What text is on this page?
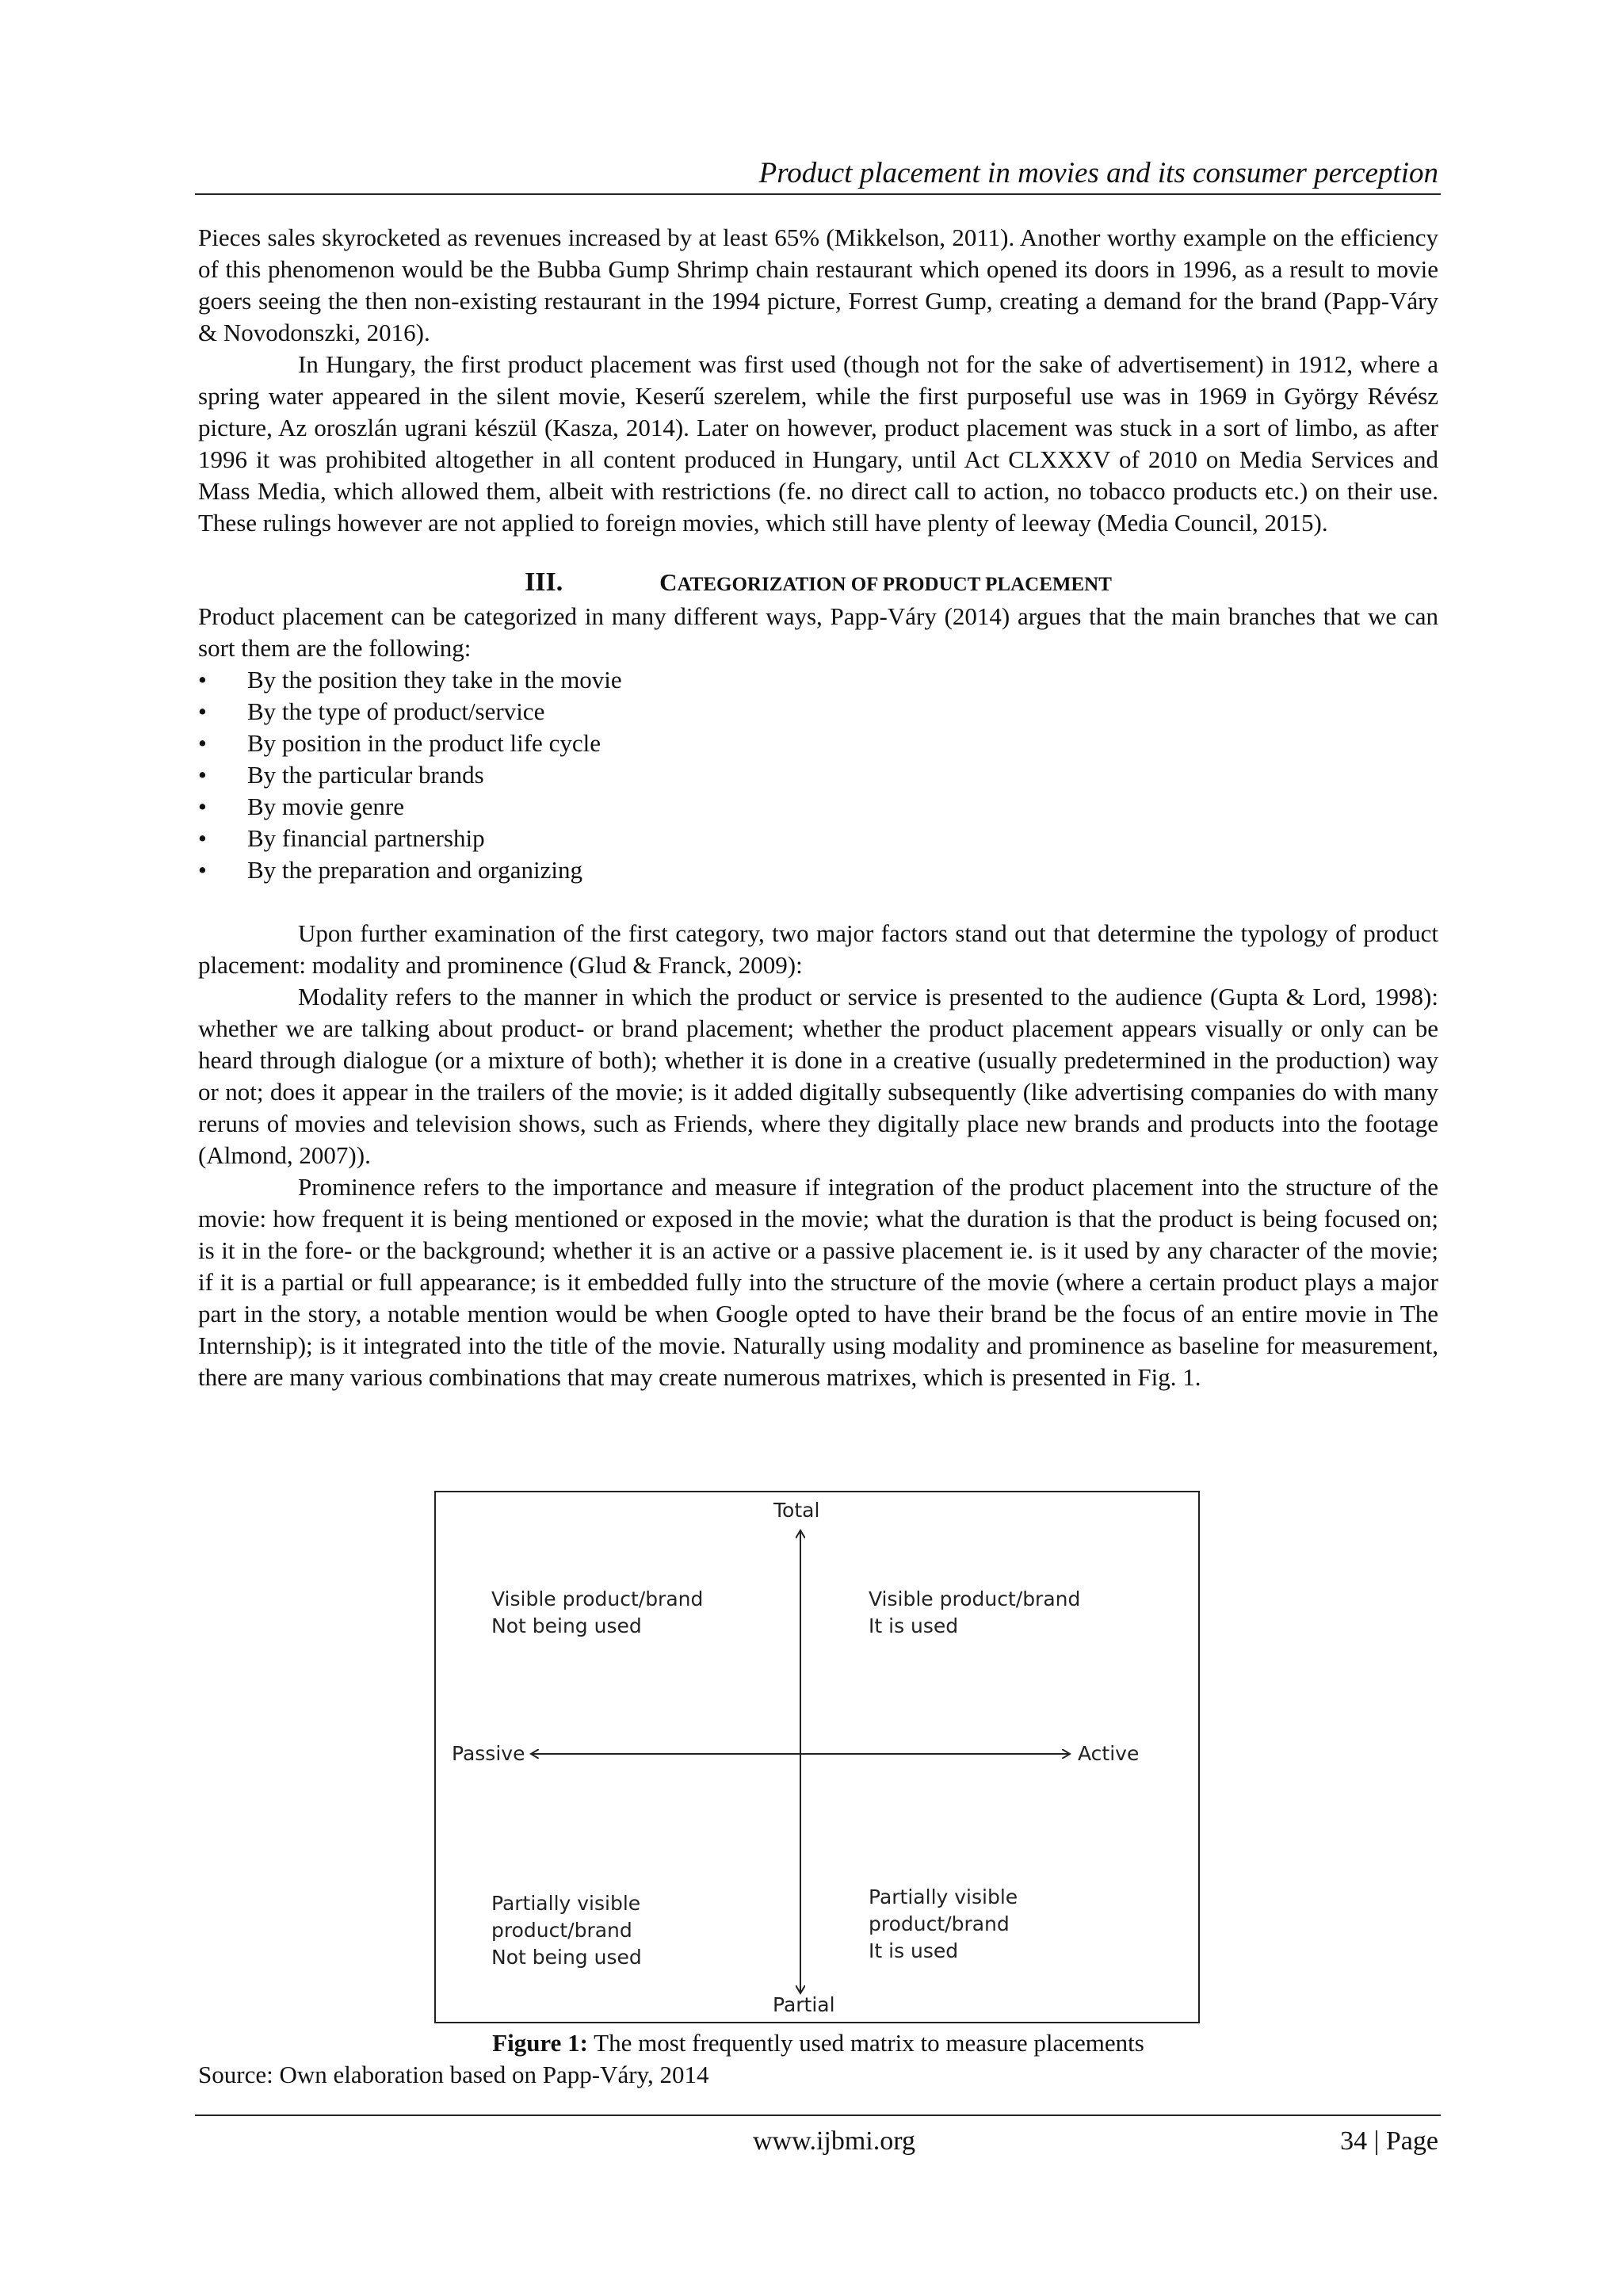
Product placement in movies and its consumer perception

Pieces sales skyrocketed as revenues increased by at least 65% (Mikkelson, 2011). Another worthy example on the efficiency of this phenomenon would be the Bubba Gump Shrimp chain restaurant which opened its doors in 1996, as a result to movie goers seeing the then non-existing restaurant in the 1994 picture, Forrest Gump, creating a demand for the brand (Papp-Váry & Novodonszki, 2016).

In Hungary, the first product placement was first used (though not for the sake of advertisement) in 1912, where a spring water appeared in the silent movie, Keserű szerelem, while the first purposeful use was in 1969 in György Révész picture, Az oroszlán ugrani készül (Kasza, 2014). Later on however, product placement was stuck in a sort of limbo, as after 1996 it was prohibited altogether in all content produced in Hungary, until Act CLXXXV of 2010 on Media Services and Mass Media, which allowed them, albeit with restrictions (fe. no direct call to action, no tobacco products etc.) on their use. These rulings however are not applied to foreign movies, which still have plenty of leeway (Media Council, 2015).

III.	CATEGORIZATION OF PRODUCT PLACEMENT

Product placement can be categorized in many different ways, Papp-Váry (2014) argues that the main branches that we can sort them are the following:

• By the position they take in the movie
• By the type of product/service
• By position in the product life cycle
• By the particular brands
• By movie genre
• By financial partnership
• By the preparation and organizing

Upon further examination of the first category, two major factors stand out that determine the typology of product placement: modality and prominence (Glud & Franck, 2009):

Modality refers to the manner in which the product or service is presented to the audience (Gupta & Lord, 1998): whether we are talking about product- or brand placement; whether the product placement appears visually or only can be heard through dialogue (or a mixture of both); whether it is done in a creative (usually predetermined in the production) way or not; does it appear in the trailers of the movie; is it added digitally subsequently (like advertising companies do with many reruns of movies and television shows, such as Friends, where they digitally place new brands and products into the footage (Almond, 2007)).

Prominence refers to the importance and measure if integration of the product placement into the structure of the movie: how frequent it is being mentioned or exposed in the movie; what the duration is that the product is being focused on; is it in the fore- or the background; whether it is an active or a passive placement ie. is it used by any character of the movie; if it is a partial or full appearance; is it embedded fully into the structure of the movie (where a certain product plays a major part in the story, a notable mention would be when Google opted to have their brand be the focus of an entire movie in The Internship); is it integrated into the title of the movie. Naturally using modality and prominence as baseline for measurement, there are many various combinations that may create numerous matrixes, which is presented in Fig. 1.

Total
Partial
Passive	Active
Visible product/brand
Not being used
Visible product/brand
It is used
Partially visible
product/brand
Not being used
Partially visible
product/brand
It is used
Figure 1: The most frequently used matrix to measure placements
Source: Own elaboration based on Papp-Váry, 2014
www.ijbmi.org	34 | Page
